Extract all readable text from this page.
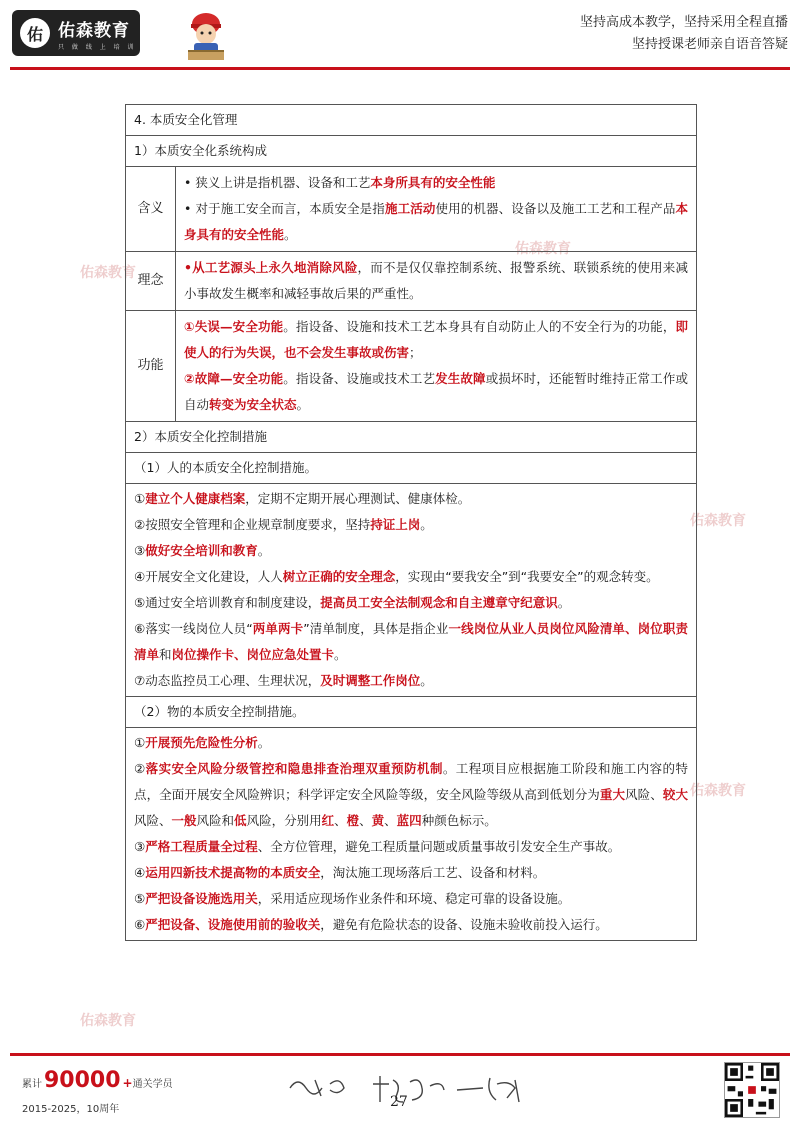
佑 佑森教育
只 做 线 上 培 训
坚持高成本教学，坚持采用全程直播
坚持授课老师亲自语音答疑
佑森教育
佑森教育
佑森教育
佑森教育
佑森教育
4. 本质安全化管理
1）本质安全化系统构成
含义
• 狭义上讲是指机器、设备和工艺本身所具有的安全性能
• 对于施工安全而言，本质安全是指施工活动使用的机器、设备以及施工工艺和工程产品本身具有的安全性能。
理念
•从工艺源头上永久地消除风险，而不是仅仅靠控制系统、报警系统、联锁系统的使用来减小事故发生概率和减轻事故后果的严重性。
功能
①失误—安全功能。指设备、设施和技术工艺本身具有自动防止人的不安全行为的功能，即使人的行为失误，也不会发生事故或伤害；
②故障—安全功能。指设备、设施或技术工艺发生故障或损坏时，还能暂时维持正常工作或自动转变为安全状态。
2）本质安全化控制措施
（1）人的本质安全化控制措施。
①建立个人健康档案，定期不定期开展心理测试、健康体检。
②按照安全管理和企业规章制度要求，坚持持证上岗。
③做好安全培训和教育。
④开展安全文化建设，人人树立正确的安全理念，实现由“要我安全”到“我要安全”的观念转变。
⑤通过安全培训教育和制度建设，提高员工安全法制观念和自主遵章守纪意识。
⑥落实一线岗位人员“两单两卡”清单制度，具体是指企业一线岗位从业人员岗位风险清单、岗位职责清单和岗位操作卡、岗位应急处置卡。
⑦动态监控员工心理、生理状况，及时调整工作岗位。
（2）物的本质安全控制措施。
①开展预先危险性分析。
②落实安全风险分级管控和隐患排查治理双重预防机制。工程项目应根据施工阶段和施工内容的特点，全面开展安全风险辨识；科学评定安全风险等级，安全风险等级从高到低划分为重大风险、较大风险、一般风险和低风险，分别用红、橙、黄、蓝四种颜色标示。
③严格工程质量全过程、全方位管理，避免工程质量问题或质量事故引发安全生产事故。
④运用四新技术提高物的本质安全，淘汰施工现场落后工艺、设备和材料。
⑤严把设备设施选用关，采用适应现场作业条件和环境、稳定可靠的设备设施。
⑥严把设备、设施使用前的验收关，避免有危险状态的设备、设施未验收前投入运行。
累计 90000 + 通关学员
2015-2025，10周年	27
